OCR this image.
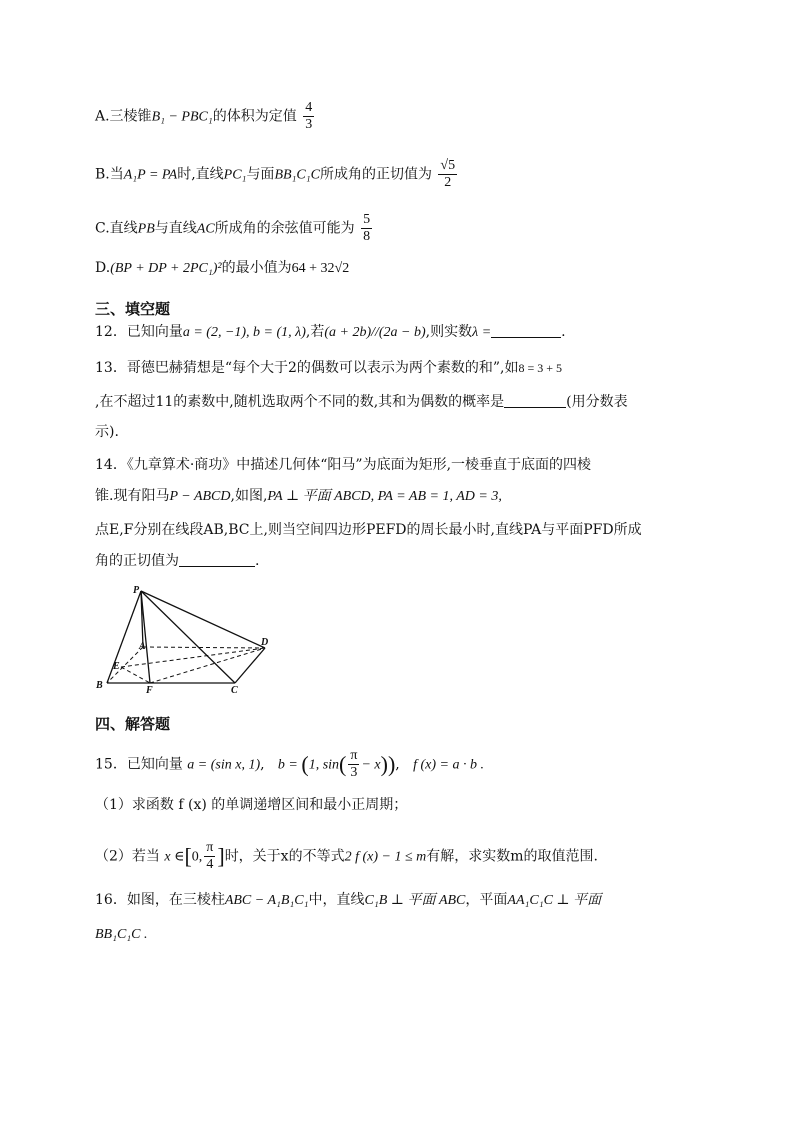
A.三棱锥B₁ − PBC₁的体积为定值 $\frac{4}{3}$
B.当A₁P = PA时,直线PC₁与面BB₁C₁C所成角的正切值为 $\frac{√5}{2}$
C.直线PB与直线AC所成角的余弦值可能为 $\frac{5}{8}$
D.(BP + DP + 2PC₁)²的最小值为64 + 32√2
三、填空题
12．已知向量a = (2, −1), b = (1, λ),若(a + 2b)//(2a − b),则实数λ =	.
13．哥德巴赫猜想是“每个大于2的偶数可以表示为两个素数的和”,如8 = 3 + 5
,在不超过11的素数中,随机选取两个不同的数,其和为偶数的概率是	(用分数表
示).
14．《九章算术·商功》中描述几何体“阳马”为底面为矩形,一棱垂直于底面的四棱
锥.现有阳马P − ABCD,如图,PA ⊥ 平面 ABCD, PA = AB = 1, AD = 3,
点E,F分别在线段AB,BC上,则当空间四边形PEFD的周长最小时,直线PA与平面PFD所成
角的正切值为	.
P
A
B	C
D
E
F
四、解答题
15．已知向量 a = (sin x, 1),   b = (1, $\sin( \frac{\pi}{3} - x)$),   f (x) = a · b .
（1）求函数 f (x) 的单调递增区间和最小正周期；
（2）若当 x ∈[0, $\frac{\pi}{4}$ ]时，关于x的不等式2 f (x) − 1 ≤ m有解，求实数m的取值范围.
16．如图，在三棱柱ABC − A₁B₁C₁中，直线C₁B ⊥ 平面 ABC，平面AA₁C₁C ⊥ 平面
BB₁C₁C .
